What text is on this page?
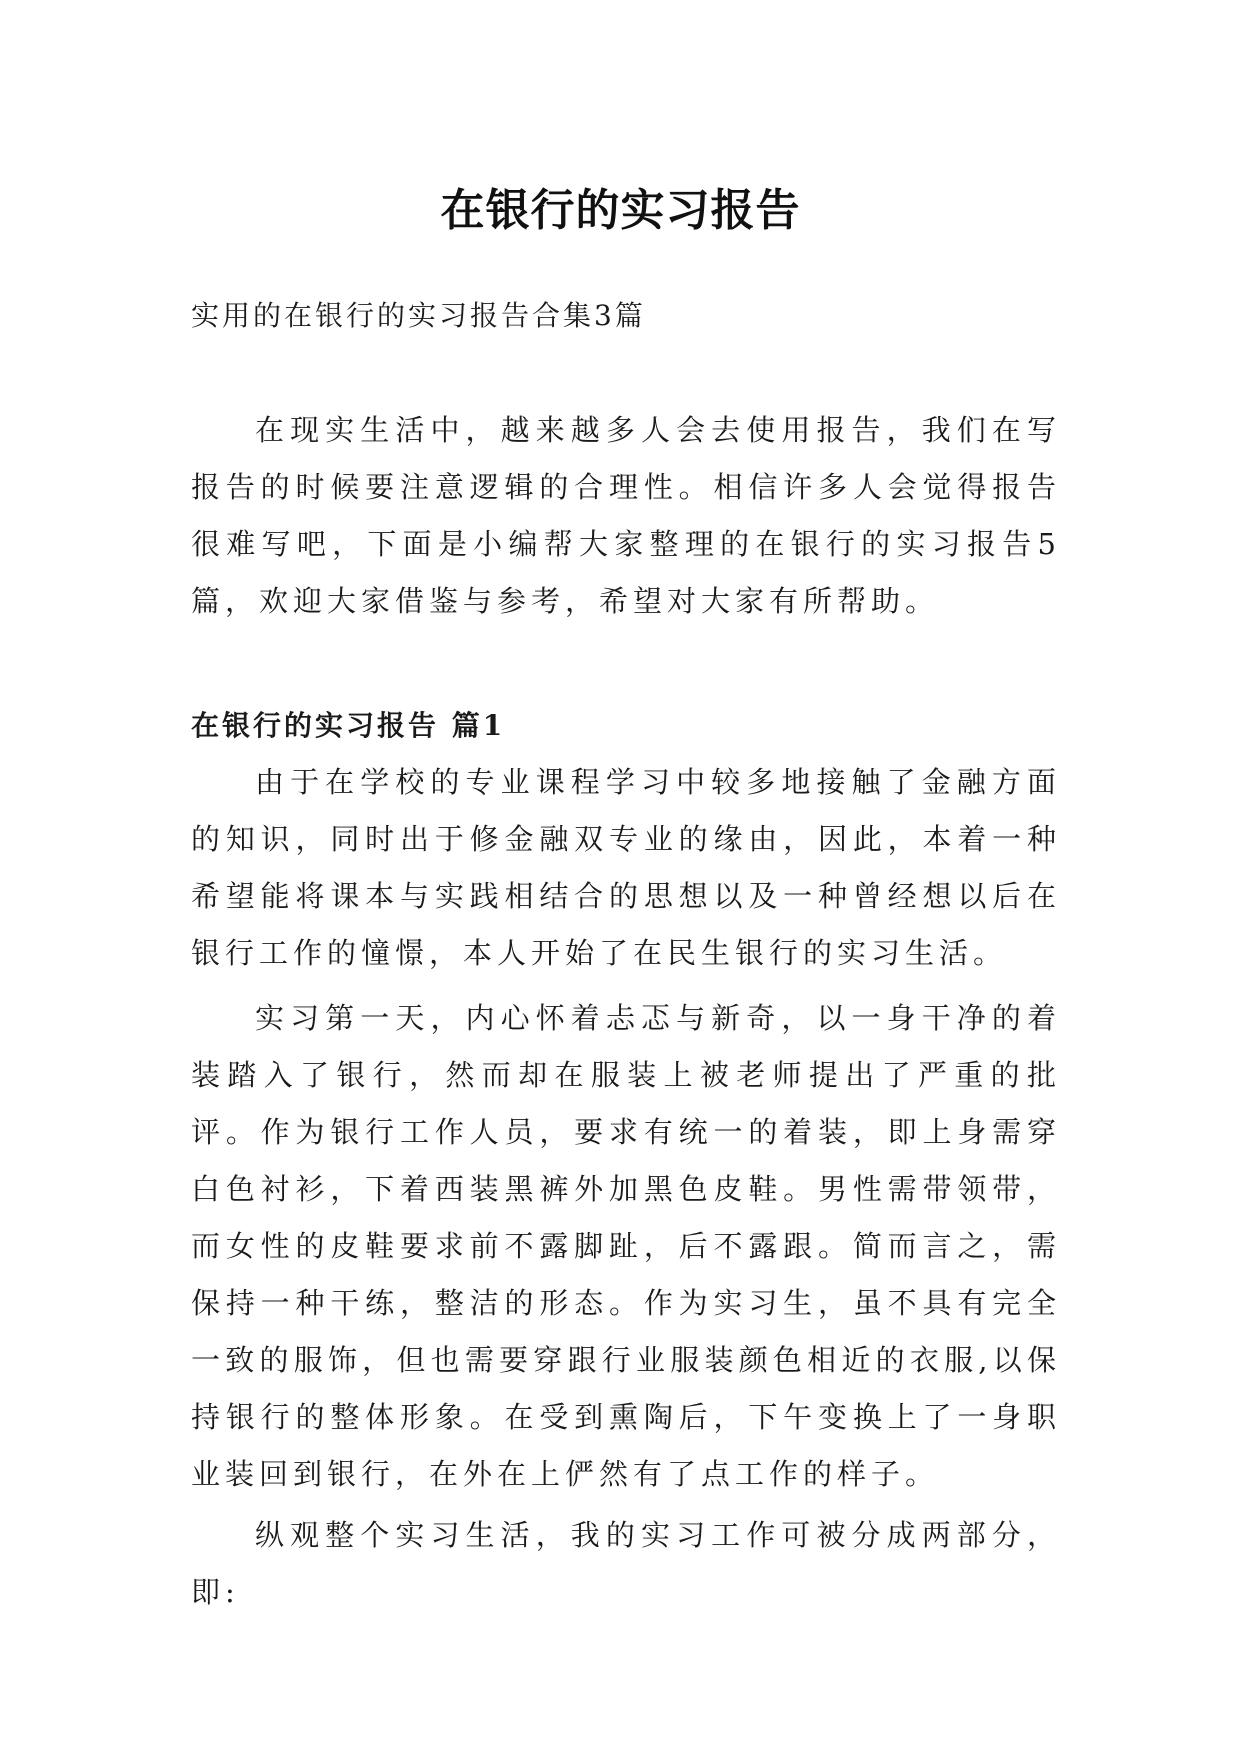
在银行的实习报告
实用的在银行的实习报告合集3篇

在现实生活中，越来越多人会去使用报告，我们在写报告的时候要注意逻辑的合理性。相信许多人会觉得报告很难写吧，下面是小编帮大家整理的在银行的实习报告5篇，欢迎大家借鉴与参考，希望对大家有所帮助。

在银行的实习报告 篇1

由于在学校的专业课程学习中较多地接触了金融方面的知识，同时出于修金融双专业的缘由，因此，本着一种希望能将课本与实践相结合的思想以及一种曾经想以后在银行工作的憧憬，本人开始了在民生银行的实习生活。

实习第一天，内心怀着忐忑与新奇，以一身干净的着装踏入了银行，然而却在服装上被老师提出了严重的批评。作为银行工作人员，要求有统一的着装，即上身需穿白色衬衫，下着西装黑裤外加黑色皮鞋。男性需带领带，而女性的皮鞋要求前不露脚趾，后不露跟。简而言之，需保持一种干练，整洁的形态。作为实习生，虽不具有完全一致的服饰，但也需要穿跟行业服装颜色相近的衣服,以保持银行的整体形象。在受到熏陶后，下午变换上了一身职业装回到银行，在外在上俨然有了点工作的样子。

纵观整个实习生活，我的实习工作可被分成两部分，即:
